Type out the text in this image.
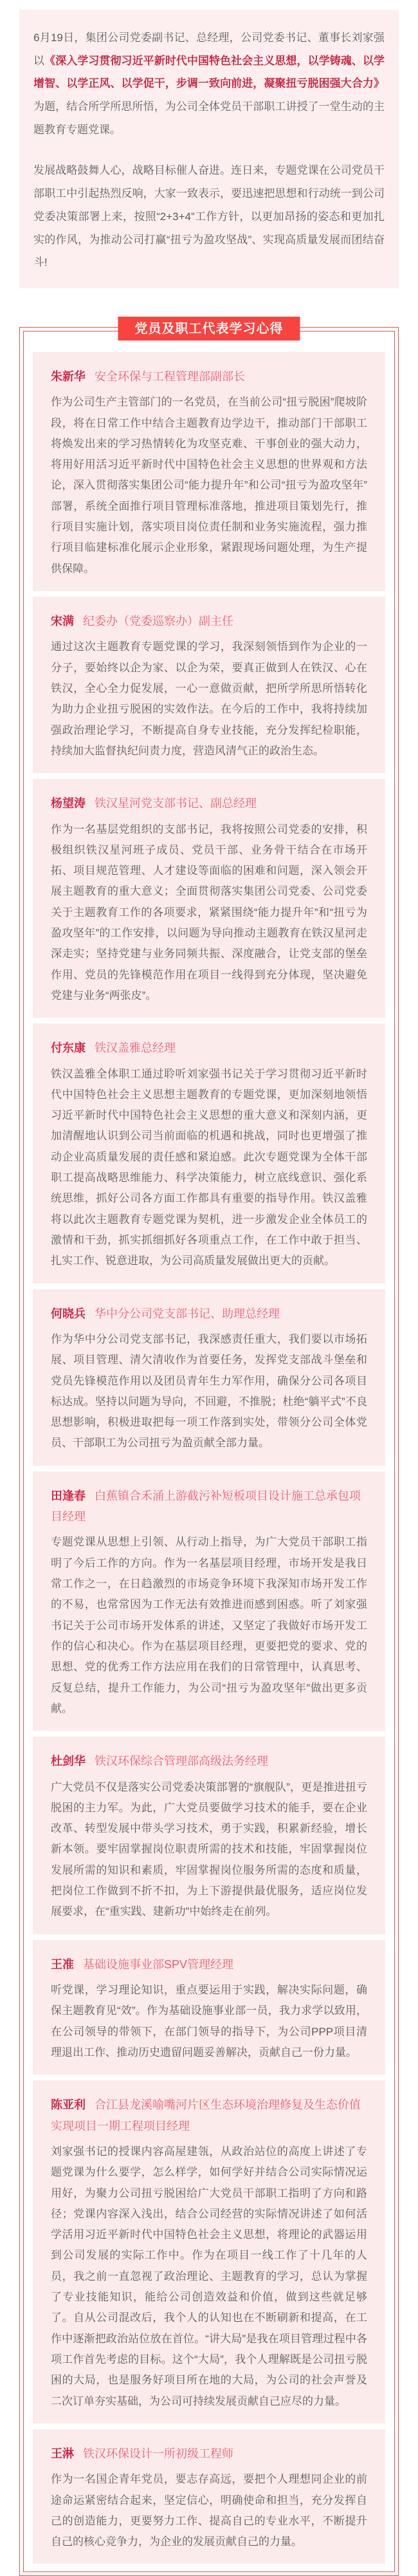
6月19日，集团公司党委副书记、总经理，公司党委书记、董事长刘家强以《深入学习贯彻习近平新时代中国特色社会主义思想，以学铸魂、以学增智、以学正风、以学促干，步调一致向前进，凝聚扭亏脱困强大合力》为题，结合所学所思所悟，为公司全体党员干部职工讲授了一堂生动的主题教育专题党课。

发展战略鼓舞人心，战略目标催人奋进。连日来，专题党课在公司党员干部职工中引起热烈反响，大家一致表示，要迅速把思想和行动统一到公司党委决策部署上来，按照“2+3+4”工作方针，以更加昂扬的姿态和更加扎实的作风，为推动公司打赢“扭亏为盈攻坚战”、实现高质量发展而团结奋斗!

党员及职工代表学习心得

朱新华 安全环保与工程管理部副部长

作为公司生产主管部门的一名党员，在当前公司“扭亏脱困”爬坡阶段，将在日常工作中结合主题教育边学边干，推动部门干部职工将焕发出来的学习热情转化为攻坚克难、干事创业的强大动力，将用好用活习近平新时代中国特色社会主义思想的世界观和方法论，深入贯彻落实集团公司“能力提升年”和公司“扭亏为盈攻坚年”部署，系统全面推行项目管理标准落地，推进项目策划先行，推行项目实施计划，落实项目岗位责任制和业务实施流程，强力推行项目临建标准化展示企业形象，紧跟现场问题处理，为生产提供保障。

宋满 纪委办（党委巡察办）副主任

通过这次主题教育专题党课的学习，我深刻领悟到作为企业的一分子，要始终以企为家、以企为荣，要真正做到人在铁汉、心在铁汉，全心全力促发展，一心一意做贡献，把所学所思所悟转化为助力企业扭亏脱困的实效作法。在今后的工作中，我将持续加强政治理论学习，不断提高自身专业技能，充分发挥纪检职能，持续加大监督执纪问责力度，营造风清气正的政治生态。

杨望涛 铁汉星河党支部书记、副总经理

作为一名基层党组织的支部书记，我将按照公司党委的安排，积极组织铁汉星河班子成员、党员干部、业务骨干结合在市场开拓、项目规范管理、人才建设等面临的困难和问题，深入领会开展主题教育的重大意义；全面贯彻落实集团公司党委、公司党委关于主题教育工作的各项要求，紧紧围绕“能力提升年”和“扭亏为盈攻坚年”的工作安排，以问题为导向推动主题教育在铁汉星河走深走实；坚持党建与业务同频共振、深度融合，让党支部的堡垒作用、党员的先锋模范作用在项目一线得到充分体现，坚决避免党建与业务“两张皮”。

付东康 铁汉盖雅总经理

铁汉盖雅全体职工通过聆听刘家强书记关于学习贯彻习近平新时代中国特色社会主义思想主题教育的专题党课，更加深刻地领悟习近平新时代中国特色社会主义思想的重大意义和深刻内涵，更加清醒地认识到公司当前面临的机遇和挑战，同时也更增强了推动企业高质量发展的责任感和紧迫感。此次专题党课为全体干部职工提高战略思维能力、科学决策能力，树立底线意识、强化系统思维，抓好公司各方面工作都具有重要的指导作用。铁汉盖雅将以此次主题教育专题党课为契机，进一步激发企业全体员工的激情和干劲，抓实抓细抓好各项重点工作，在工作中敢于担当、扎实工作、锐意进取，为公司高质量发展做出更大的贡献。

何晓兵 华中分公司党支部书记、助理总经理

作为华中分公司党支部书记，我深感责任重大，我们要以市场拓展、项目管理、清欠清收作为首要任务，发挥党支部战斗堡垒和党员先锋模范作用以及团员青年生力军作用，确保分公司各项目标达成。坚持以问题为导向，不回避，不推脱；杜绝“躺平式”不良思想影响，积极进取把每一项工作落到实处，带领分公司全体党员、干部职工为公司扭亏为盈贡献全部力量。

田逢春 白蕉镇合禾涌上游截污补短板项目设计施工总承包项目经理

专题党课从思想上引领、从行动上指导，为广大党员干部职工指明了今后工作的方向。作为一名基层项目经理，市场开发是我日常工作之一，在日趋激烈的市场竞争环境下我深知市场开发工作的不易，也常常因为工作无法有效推进而感到困惑。听了刘家强书记关于公司市场开发体系的讲述，又坚定了我做好市场开发工作的信心和决心。作为在基层项目经理，更要把党的要求、党的思想、党的优秀工作方法应用在我们的日常管理中，认真思考、反复总结，提升工作能力，为公司“扭亏为盈攻坚年”做出更多贡献。

杜剑华 铁汉环保综合管理部高级法务经理

广大党员不仅是落实公司党委决策部署的“旗舰队”，更是推进扭亏脱困的主力军。为此，广大党员要做学习技术的能手，要在企业改革、转型发展中带头学习技术，勇于实践，积累新经验，增长新本领。要牢固掌握岗位职责所需的技术和技能，牢固掌握岗位发展所需的知识和素质，牢固掌握岗位服务所需的态度和质量，把岗位工作做到不折不扣，为上下游提供最优服务，适应岗位发展要求，在“重实践、建新功”中始终走在前列。

王准 基础设施事业部SPV管理经理

听党课，学习理论知识，重点要运用于实践，解决实际问题，确保主题教育见“效”。作为基础设施事业部一员，我力求学以致用，在公司领导的带领下，在部门领导的指导下，为公司PPP项目清理退出工作、推动历史遗留问题妥善解决，贡献自己一份力量。

陈亚利 合江县龙溪喻嘴河片区生态环境治理修复及生态价值实现项目一期工程项目经理

刘家强书记的授课内容高屋建瓴，从政治站位的高度上讲述了专题党课为什么要学，怎么样学，如何学好并结合公司实际情况运用好，为聚力公司扭亏脱困给广大党员干部职工指明了方向和路径；党课内容深入浅出，结合公司经营的实际情况讲述了如何活学活用习近平新时代中国特色社会主义思想，将理论的武器运用到公司发展的实际工作中。作为在项目一线工作了十几年的人员，我之前一直忽视了政治理论、主题教育的学习，总认为掌握了专业技能知识，能给公司创造效益和价值，做到这些就足够了。自从公司混改后，我个人的认知也在不断刷新和提高，在工作中逐渐把政治站位放在首位。“讲大局”是我在项目管理过程中各项工作首先考虑的目标。这个“大局”，我个人理解既是公司扭亏脱困的大局，也是服务好项目所在地的大局，为公司的社会声誉及二次订单夯实基础，为公司可持续发展贡献自己应尽的力量。

王淋 铁汉环保设计一所初级工程师

作为一名国企青年党员，要志存高远，要把个人理想同企业的前途命运紧密结合起来，坚定信心，明确使命和担当，充分发挥自己的创造能力，更要努力工作、提高自己的专业水平，不断提升自己的核心竞争力，为企业的发展贡献自己的力量。
